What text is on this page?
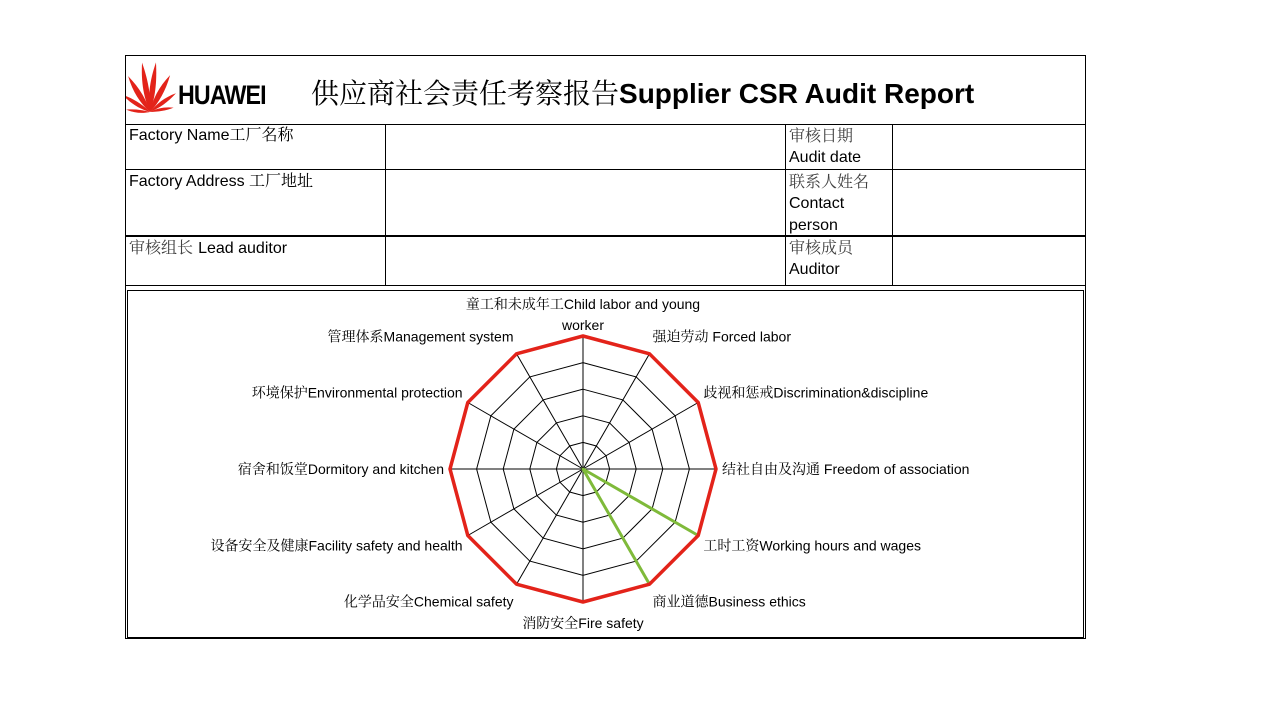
HUAWEI 供应商社会责任考察报告Supplier CSR Audit Report
Factory Name工厂名称	审核日期
Audit date
Factory Address 工厂地址	联系人姓名
Contact
person
审核组长 Lead auditor	审核成员
Auditor
童工和未成年工Child labor and young worker
强迫劳动 Forced labor
歧视和惩戒Discrimination&discipline
结社自由及沟通 Freedom of association
工时工资Working hours and wages
商业道德Business ethics
消防安全Fire safety
化学品安全Chemical safety
设备安全及健康Facility safety and health
宿舍和饭堂Dormitory and kitchen
环境保护Environmental protection
管理体系Management system
